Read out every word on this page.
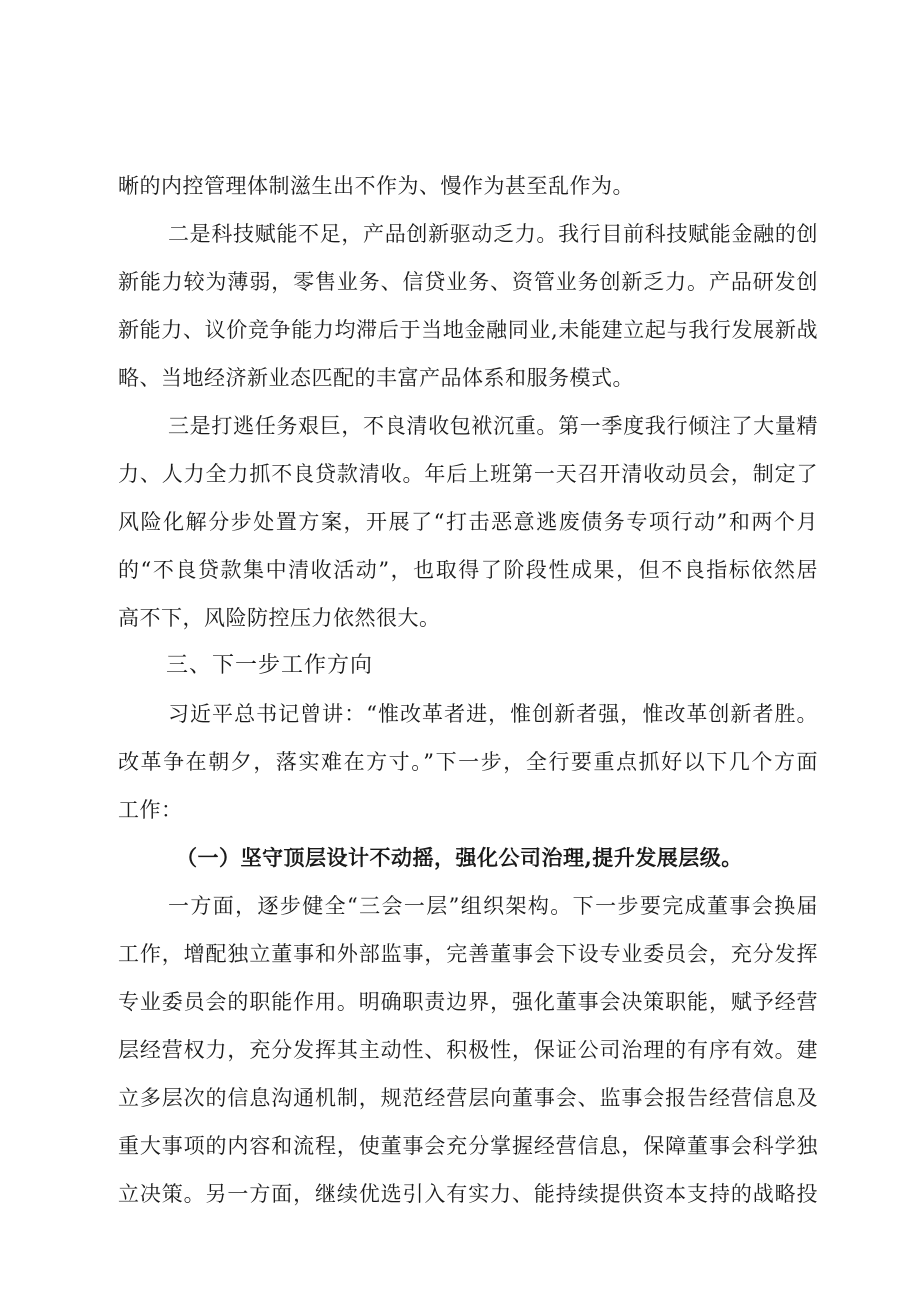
晰的内控管理体制滋生出不作为、慢作为甚至乱作为。
二是科技赋能不足，产品创新驱动乏力。我行目前科技赋能金融的创
新能力较为薄弱，零售业务、信贷业务、资管业务创新乏力。产品研发创
新能力、议价竞争能力均滞后于当地金融同业,未能建立起与我行发展新战
略、当地经济新业态匹配的丰富产品体系和服务模式。
三是打逃任务艰巨，不良清收包袱沉重。第一季度我行倾注了大量精
力、人力全力抓不良贷款清收。年后上班第一天召开清收动员会，制定了
风险化解分步处置方案，开展了“打击恶意逃废债务专项行动”和两个月
的“不良贷款集中清收活动”，也取得了阶段性成果，但不良指标依然居
高不下，风险防控压力依然很大。
三、下一步工作方向
习近平总书记曾讲：“惟改革者进，惟创新者强，惟改革创新者胜。
改革争在朝夕，落实难在方寸。”下一步，全行要重点抓好以下几个方面
工作：
（一）坚守顶层设计不动摇，强化公司治理,提升发展层级。
一方面，逐步健全“三会一层”组织架构。下一步要完成董事会换届
工作，增配独立董事和外部监事，完善董事会下设专业委员会，充分发挥
专业委员会的职能作用。明确职责边界，强化董事会决策职能，赋予经营
层经营权力，充分发挥其主动性、积极性，保证公司治理的有序有效。建
立多层次的信息沟通机制，规范经营层向董事会、监事会报告经营信息及
重大事项的内容和流程，使董事会充分掌握经营信息，保障董事会科学独
立决策。另一方面，继续优选引入有实力、能持续提供资本支持的战略投
